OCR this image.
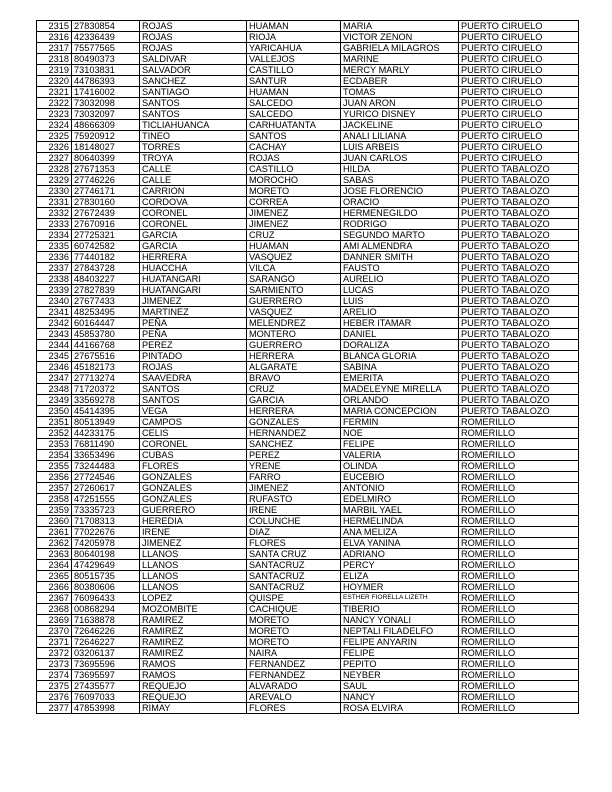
2315	27830854	ROJAS	HUAMAN	MARIA	PUERTO CIRUELO
2316	42336439	ROJAS	RIOJA	VICTOR ZENON	PUERTO CIRUELO
2317	75577565	ROJAS	YARICAHUA	GABRIELA MILAGROS	PUERTO CIRUELO
2318	80490373	SALDIVAR	VALLEJOS	MARINE	PUERTO CIRUELO
2319	73103831	SALVADOR	CASTILLO	MERCY MARLY	PUERTO CIRUELO
2320	44786393	SANCHEZ	SANTUR	ECDABER	PUERTO CIRUELO
2321	17416002	SANTIAGO	HUAMAN	TOMAS	PUERTO CIRUELO
2322	73032098	SANTOS	SALCEDO	JUAN ARON	PUERTO CIRUELO
2323	73032097	SANTOS	SALCEDO	YURICO DISNEY	PUERTO CIRUELO
2324	48666309	TICLIAHUANCA	CARHUATANTA	JACKELINE	PUERTO CIRUELO
2325	75920912	TINEO	SANTOS	ANALI LILIANA	PUERTO CIRUELO
2326	18148027	TORRES	CACHAY	LUIS ARBEIS	PUERTO CIRUELO
2327	80640399	TROYA	ROJAS	JUAN CARLOS	PUERTO CIRUELO
2328	27671353	CALLE	CASTILLO	HILDA	PUERTO TABALOZO
2329	27746226	CALLE	MOROCHO	SABAS	PUERTO TABALOZO
2330	27746171	CARRION	MORETO	JOSE FLORENCIO	PUERTO TABALOZO
2331	27830160	CORDOVA	CORREA	ORACIO	PUERTO TABALOZO
2332	27672439	CORONEL	JIMENEZ	HERMENEGILDO	PUERTO TABALOZO
2333	27670916	CORONEL	JIMENEZ	RODRIGO	PUERTO TABALOZO
2334	27725321	GARCIA	CRUZ	SEGUNDO MARTO	PUERTO TABALOZO
2335	60742582	GARCIA	HUAMAN	AMI ALMENDRA	PUERTO TABALOZO
2336	77440182	HERRERA	VASQUEZ	DANNER SMITH	PUERTO TABALOZO
2337	27843728	HUACCHA	VILCA	FAUSTO	PUERTO TABALOZO
2338	48403227	HUATANGARI	SARANGO	AURELIO	PUERTO TABALOZO
2339	27827839	HUATANGARI	SARMIENTO	LUCAS	PUERTO TABALOZO
2340	27677433	JIMENEZ	GUERRERO	LUIS	PUERTO TABALOZO
2341	48253495	MARTINEZ	VASQUEZ	ARELIO	PUERTO TABALOZO
2342	60164447	PEÑA	MELENDREZ	HEBER ITAMAR	PUERTO TABALOZO
2343	45853780	PEÑA	MONTERO	DANIEL	PUERTO TABALOZO
2344	44166768	PEREZ	GUERRERO	DORALIZA	PUERTO TABALOZO
2345	27675516	PINTADO	HERRERA	BLANCA GLORIA	PUERTO TABALOZO
2346	45182173	ROJAS	ALGARATE	SABINA	PUERTO TABALOZO
2347	27713274	SAAVEDRA	BRAVO	EMERITA	PUERTO TABALOZO
2348	71720372	SANTOS	CRUZ	MADELEYNE MIRELLA	PUERTO TABALOZO
2349	33569278	SANTOS	GARCIA	ORLANDO	PUERTO TABALOZO
2350	45414395	VEGA	HERRERA	MARIA CONCEPCION	PUERTO TABALOZO
2351	80513949	CAMPOS	GONZALES	FERMIN	ROMERILLO
2352	44233175	CELIS	HERNANDEZ	NOE	ROMERILLO
2353	76811490	CORONEL	SANCHEZ	FELIPE	ROMERILLO
2354	33653496	CUBAS	PEREZ	VALERIA	ROMERILLO
2355	73244483	FLORES	YRENE	OLINDA	ROMERILLO
2356	27724546	GONZALES	FARRO	EUCEBIO	ROMERILLO
2357	27260617	GONZALES	JIMENEZ	ANTONIO	ROMERILLO
2358	47251555	GONZALES	RUFASTO	EDELMIRO	ROMERILLO
2359	73335723	GUERRERO	IRENE	MARBIL YAEL	ROMERILLO
2360	71708313	HEREDIA	COLUNCHE	HERMELINDA	ROMERILLO
2361	77022676	IRENE	DIAZ	ANA MELIZA	ROMERILLO
2362	74205978	JIMENEZ	FLORES	ELVA YANINA	ROMERILLO
2363	80640198	LLANOS	SANTA CRUZ	ADRIANO	ROMERILLO
2364	47429649	LLANOS	SANTACRUZ	PERCY	ROMERILLO
2365	80515735	LLANOS	SANTACRUZ	ELIZA	ROMERILLO
2366	80380606	LLANOS	SANTACRUZ	HOYMER	ROMERILLO
2367	76096433	LOPEZ	QUISPE	ESTHER FIORELLA LIZETH	ROMERILLO
2368	00868294	MOZOMBITE	CACHIQUE	TIBERIO	ROMERILLO
2369	71638878	RAMIREZ	MORETO	NANCY YONALI	ROMERILLO
2370	72646226	RAMIREZ	MORETO	NEPTALI FILADELFO	ROMERILLO
2371	72646227	RAMIREZ	MORETO	FELIPE ANYARIN	ROMERILLO
2372	03206137	RAMIREZ	NAIRA	FELIPE	ROMERILLO
2373	73695596	RAMOS	FERNANDEZ	PEPITO	ROMERILLO
2374	73695597	RAMOS	FERNANDEZ	NEYBER	ROMERILLO
2375	27435577	REQUEJO	ALVARADO	SAUL	ROMERILLO
2376	76097033	REQUEJO	AREVALO	NANCY	ROMERILLO
2377	47853998	RIMAY	FLORES	ROSA ELVIRA	ROMERILLO
